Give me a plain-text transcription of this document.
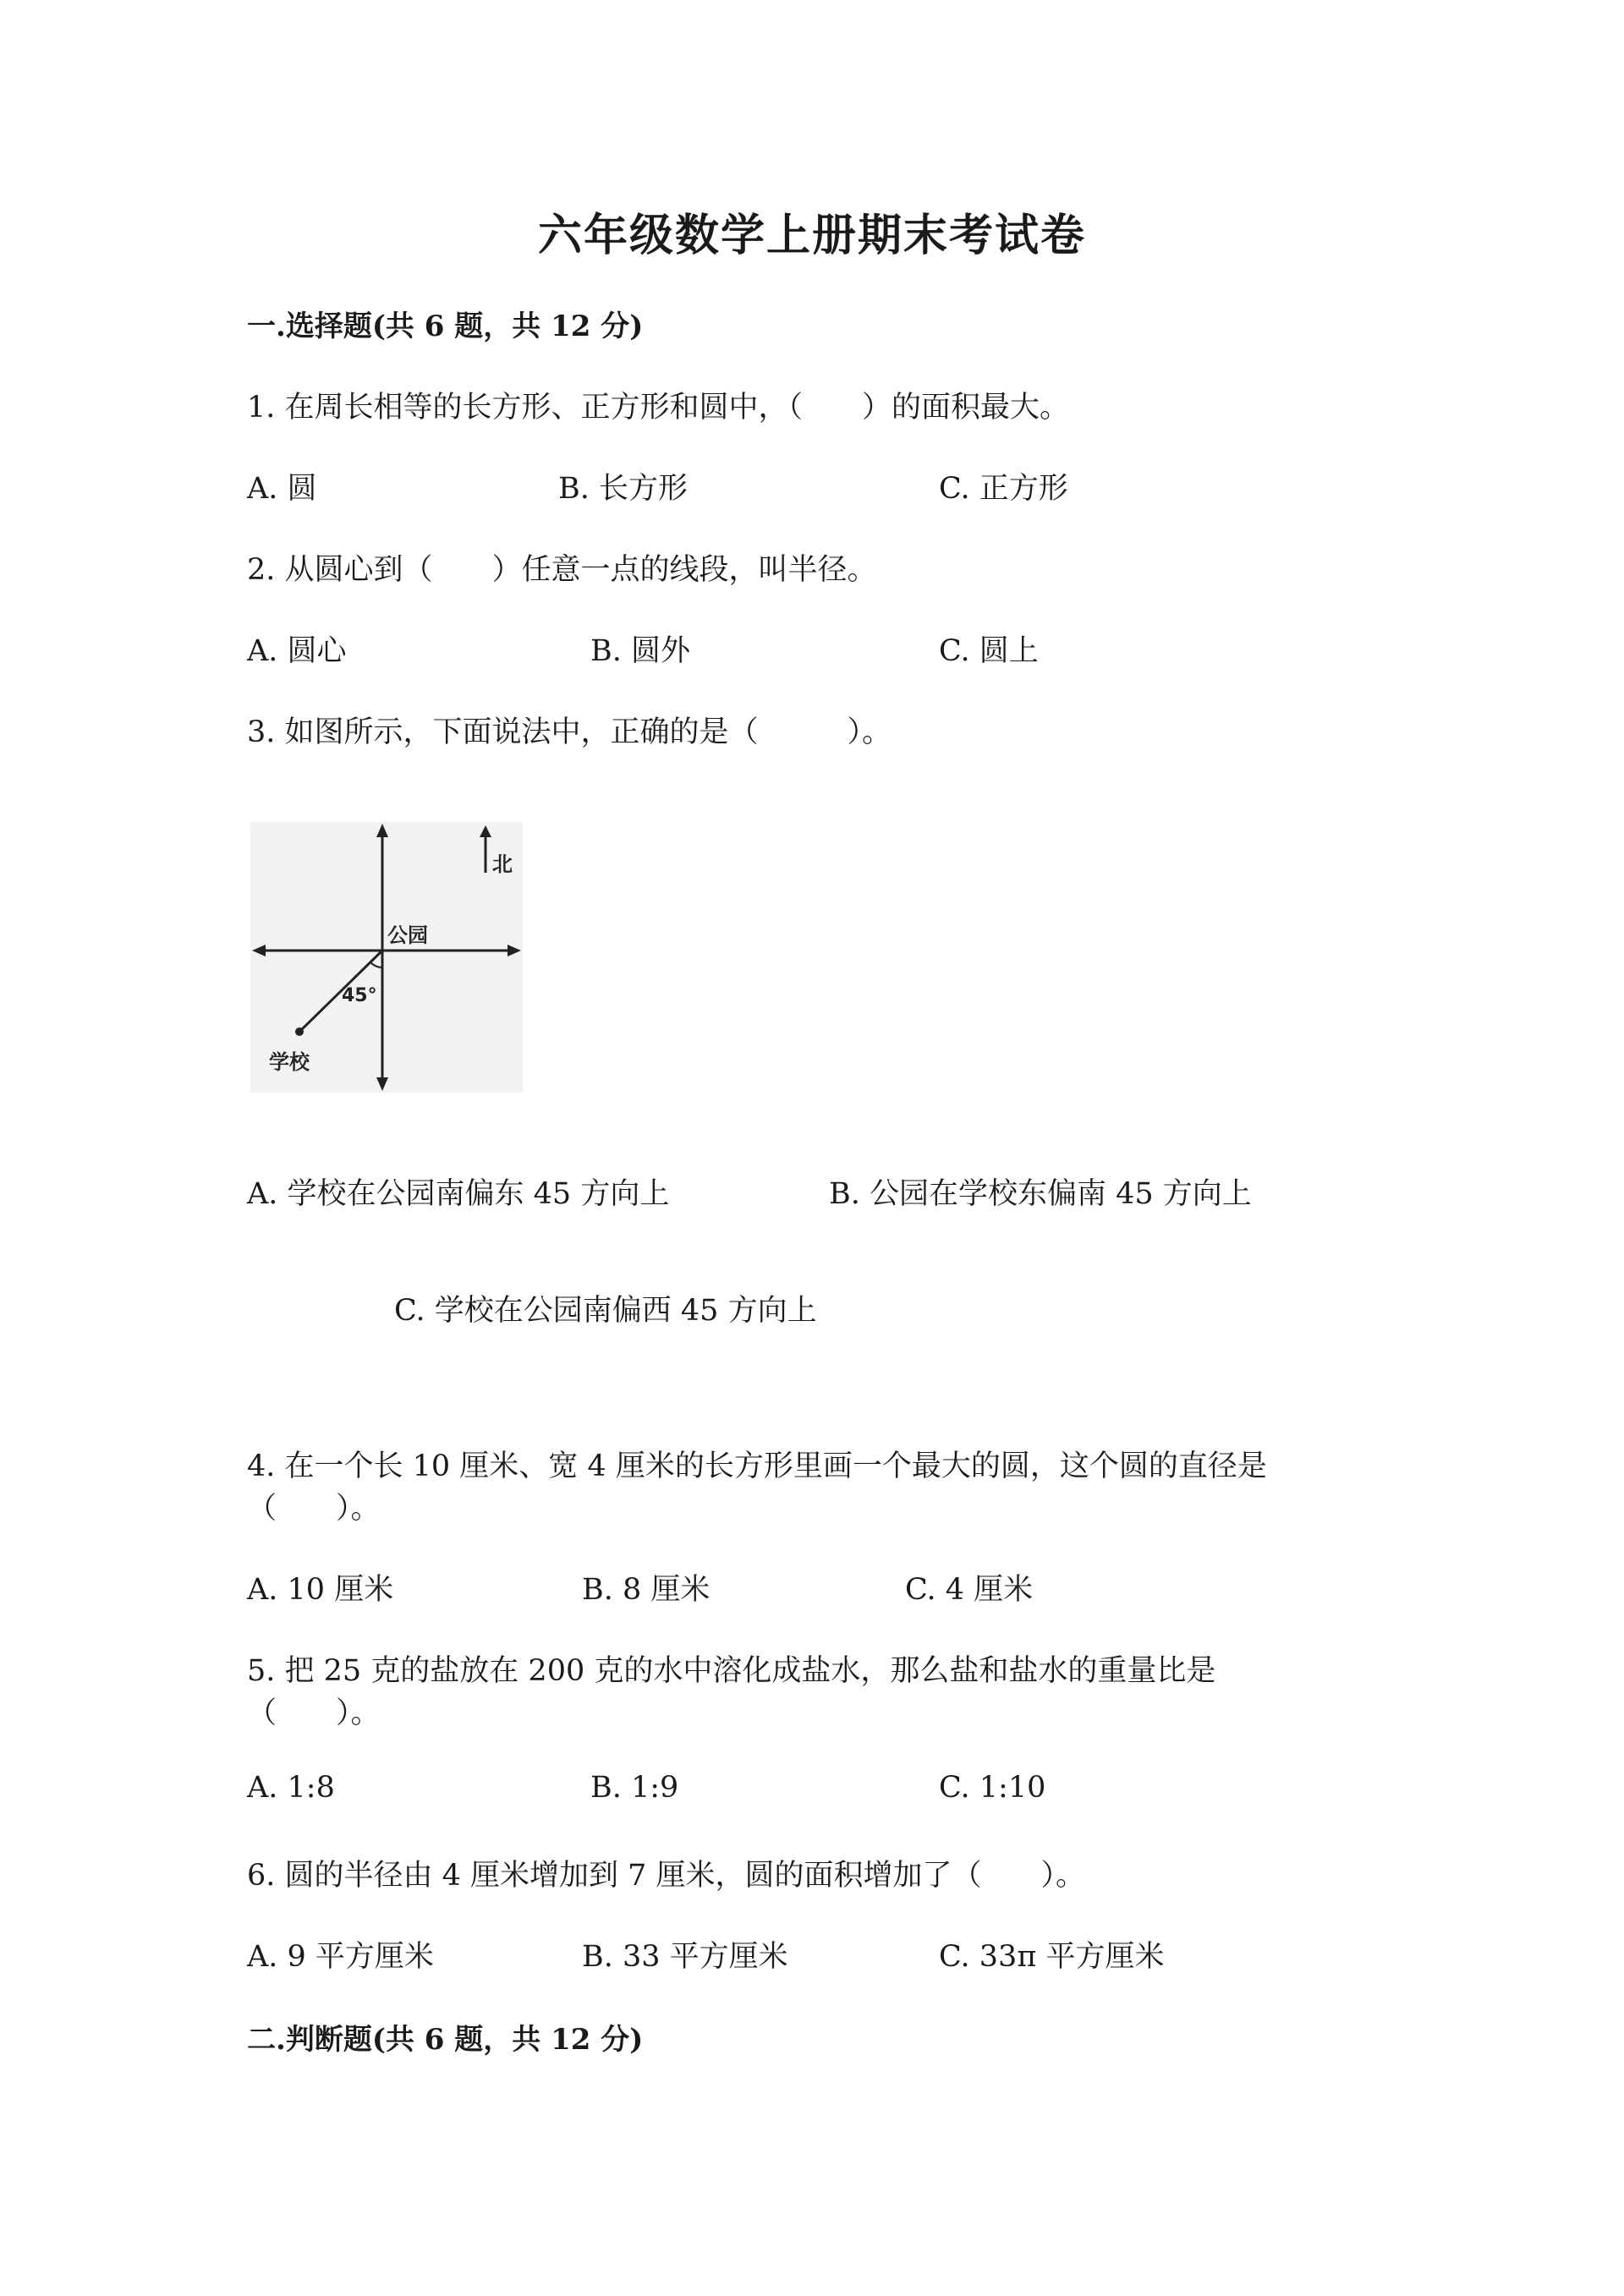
六年级数学上册期末考试卷
一.选择题(共 6 题，共 12 分)
1. 在周长相等的长方形、正方形和圆中，（　　）的面积最大。
A. 圆	B. 长方形	C. 正方形
2. 从圆心到（　　）任意一点的线段，叫半径。
A. 圆心	B. 圆外	C. 圆上
3. 如图所示，下面说法中，正确的是（　　　）。
北
公园
45°
学校
A. 学校在公园南偏东 45 方向上	B. 公园在学校东偏南 45 方向上
C. 学校在公园南偏西 45 方向上
4. 在一个长 10 厘米、宽 4 厘米的长方形里画一个最大的圆，这个圆的直径是
（　　）。
A. 10 厘米	B. 8 厘米	C. 4 厘米
5. 把 25 克的盐放在 200 克的水中溶化成盐水，那么盐和盐水的重量比是
（　　）。
A. 1:8	B. 1:9	C. 1:10
6. 圆的半径由 4 厘米增加到 7 厘米，圆的面积增加了（　　）。
A. 9 平方厘米	B. 33 平方厘米	C. 33π 平方厘米
二.判断题(共 6 题，共 12 分)
